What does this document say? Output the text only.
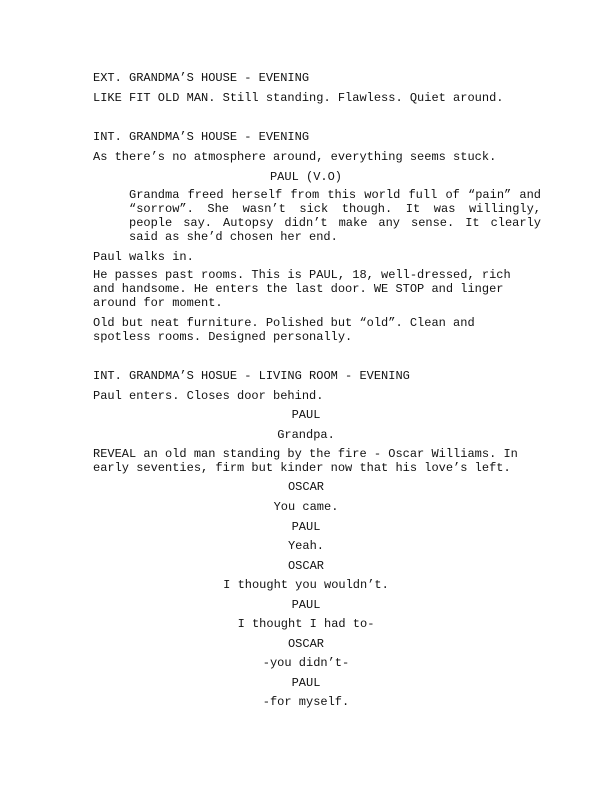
EXT. GRANDMA’S HOUSE - EVENING
LIKE FIT OLD MAN. Still standing. Flawless. Quiet around.
INT. GRANDMA’S HOUSE - EVENING
As there’s no atmosphere around, everything seems stuck.
PAUL (V.O)
Grandma freed herself from this world full of “pain” and
“sorrow”. She wasn’t sick though. It was willingly,
people say. Autopsy didn’t make any sense. It clearly
said as she’d chosen her end.
Paul walks in.
He passes past rooms. This is PAUL, 18, well-dressed, rich
and handsome. He enters the last door. WE STOP and linger
around for moment.
Old but neat furniture. Polished but “old”. Clean and
spotless rooms. Designed personally.
INT. GRANDMA’S HOSUE - LIVING ROOM - EVENING
Paul enters. Closes door behind.
PAUL
Grandpa.
REVEAL an old man standing by the fire - Oscar Williams. In
early seventies, firm but kinder now that his love’s left.
OSCAR
You came.
PAUL
Yeah.
OSCAR
I thought you wouldn’t.
PAUL
I thought I had to-
OSCAR
-you didn’t-
PAUL
-for myself.
